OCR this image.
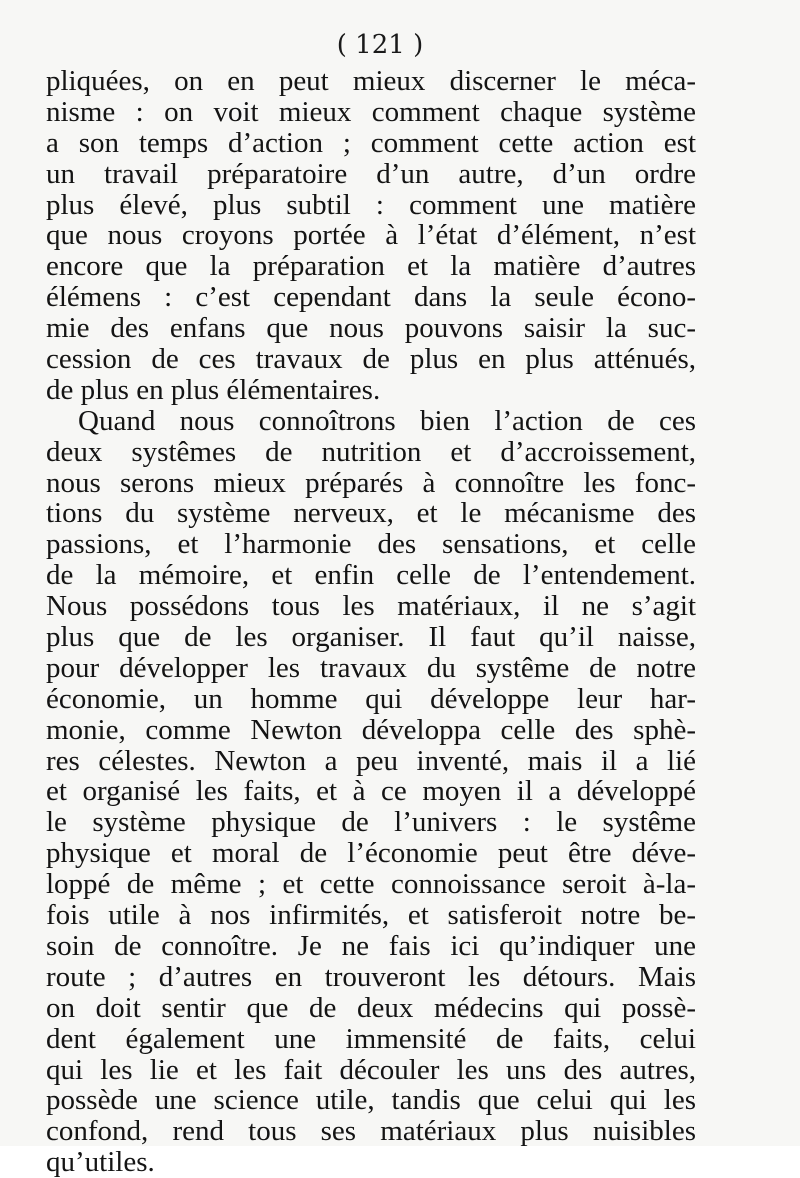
( 121 )
pliquées, on en peut mieux discerner le méca-
nisme : on voit mieux comment chaque système
a son temps d’action ; comment cette action est
un travail préparatoire d’un autre, d’un ordre
plus élevé, plus subtil : comment une matière
que nous croyons portée à l’état d’élément, n’est
encore que la préparation et la matière d’autres
élémens : c’est cependant dans la seule écono-
mie des enfans que nous pouvons saisir la suc-
cession de ces travaux de plus en plus atténués,
de plus en plus élémentaires.
Quand nous connoîtrons bien l’action de ces
deux systêmes de nutrition et d’accroissement,
nous serons mieux préparés à connoître les fonc-
tions du système nerveux, et le mécanisme des
passions, et l’harmonie des sensations, et celle
de la mémoire, et enfin celle de l’entendement.
Nous possédons tous les matériaux, il ne s’agit
plus que de les organiser. Il faut qu’il naisse,
pour développer les travaux du systême de notre
économie, un homme qui développe leur har-
monie, comme Newton développa celle des sphè-
res célestes. Newton a peu inventé, mais il a lié
et organisé les faits, et à ce moyen il a développé
le système physique de l’univers : le systême
physique et moral de l’économie peut être déve-
loppé de même ; et cette connoissance seroit à-la-
fois utile à nos infirmités, et satisferoit notre be-
soin de connoître. Je ne fais ici qu’indiquer une
route ; d’autres en trouveront les détours. Mais
on doit sentir que de deux médecins qui possè-
dent également une immensité de faits, celui
qui les lie et les fait découler les uns des autres,
possède une science utile, tandis que celui qui les
confond, rend tous ses matériaux plus nuisibles
qu’utiles.
